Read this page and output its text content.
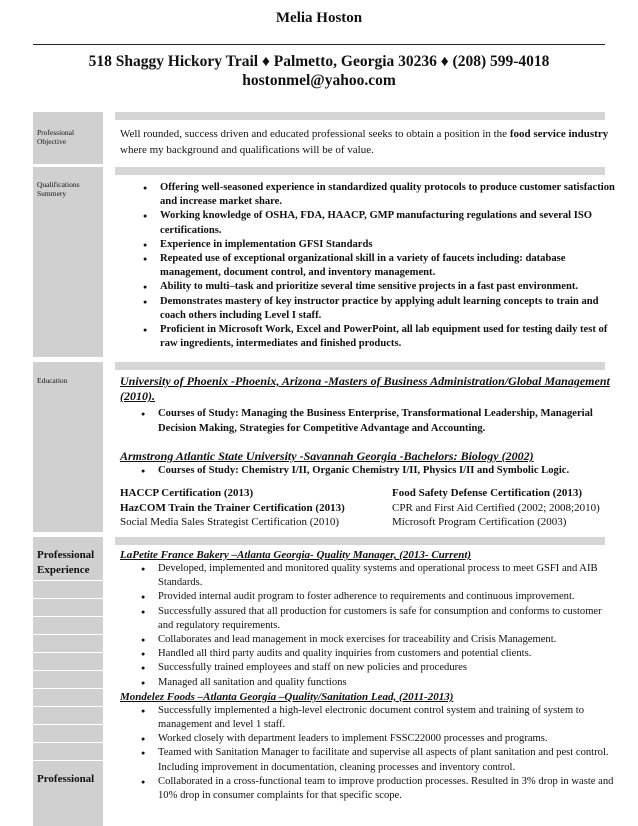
Melia Hoston
518 Shaggy Hickory Trail ♦ Palmetto, Georgia 30236 ♦ (208) 599-4018
hostonmel@yahoo.com
Professional Objective
Well rounded, success driven and educated professional seeks to obtain a position in the food service industry where my background and qualifications will be of value.
Qualifications Summery
● Offering well-seasoned experience in standardized quality protocols to produce customer satisfaction and increase market share.
● Working knowledge of OSHA, FDA, HAACP, GMP manufacturing regulations and several ISO certifications.
● Experience in implementation GFSI Standards
● Repeated use of exceptional organizational skill in a variety of faucets including: database management, document control, and inventory management.
● Ability to multi–task and prioritize several time sensitive projects in a fast past environment.
● Demonstrates mastery of key instructor practice by applying adult learning concepts to train and coach others including Level I staff.
● Proficient in Microsoft Work, Excel and PowerPoint, all lab equipment used for testing daily test of raw ingredients, intermediates and finished products.
Education	University of Phoenix -Phoenix, Arizona -Masters of Business Administration/Global Management (2010).
● Courses of Study: Managing the Business Enterprise, Transformational Leadership, Managerial Decision Making, Strategies for Competitive Advantage and Accounting.
Armstrong Atlantic State University -Savannah Georgia -Bachelors: Biology (2002)
● Courses of Study: Chemistry I/II, Organic Chemistry I/II, Physics I/II and Symbolic Logic.
HACCP Certification (2013)	Food Safety Defense Certification (2013)
HazCOM Train the Trainer Certification (2013)	CPR and First Aid Certified (2002; 2008;2010)
Social Media Sales Strategist Certification (2010)	Microsoft Program Certification (2003)
Professional Experience
Professional
LaPetite France Bakery –Atlanta Georgia- Quality Manager, (2013- Current)
● Developed, implemented and monitored quality systems and operational process to meet GSFI and AIB Standards.
● Provided internal audit program to foster adherence to requirements and continuous improvement.
● Successfully assured that all production for customers is safe for consumption and conforms to customer and regulatory requirements.
● Collaborates and lead management in mock exercises for traceability and Crisis Management.
● Handled all third party audits and quality inquiries from customers and potential clients.
● Successfully trained employees and staff on new policies and procedures
● Managed all sanitation and quality functions
Mondelez Foods –Atlanta Georgia –Quality/Sanitation Lead, (2011-2013)
● Successfully implemented a high-level electronic document control system and training of system to management and level 1 staff.
● Worked closely with department leaders to implement FSSC22000 processes and programs.
● Teamed with Sanitation Manager to facilitate and supervise all aspects of plant sanitation and pest control. Including improvement in documentation, cleaning processes and inventory control.
● Collaborated in a cross-functional team to improve production processes. Resulted in 3% drop in waste and 10% drop in consumer complaints for that specific scope.
